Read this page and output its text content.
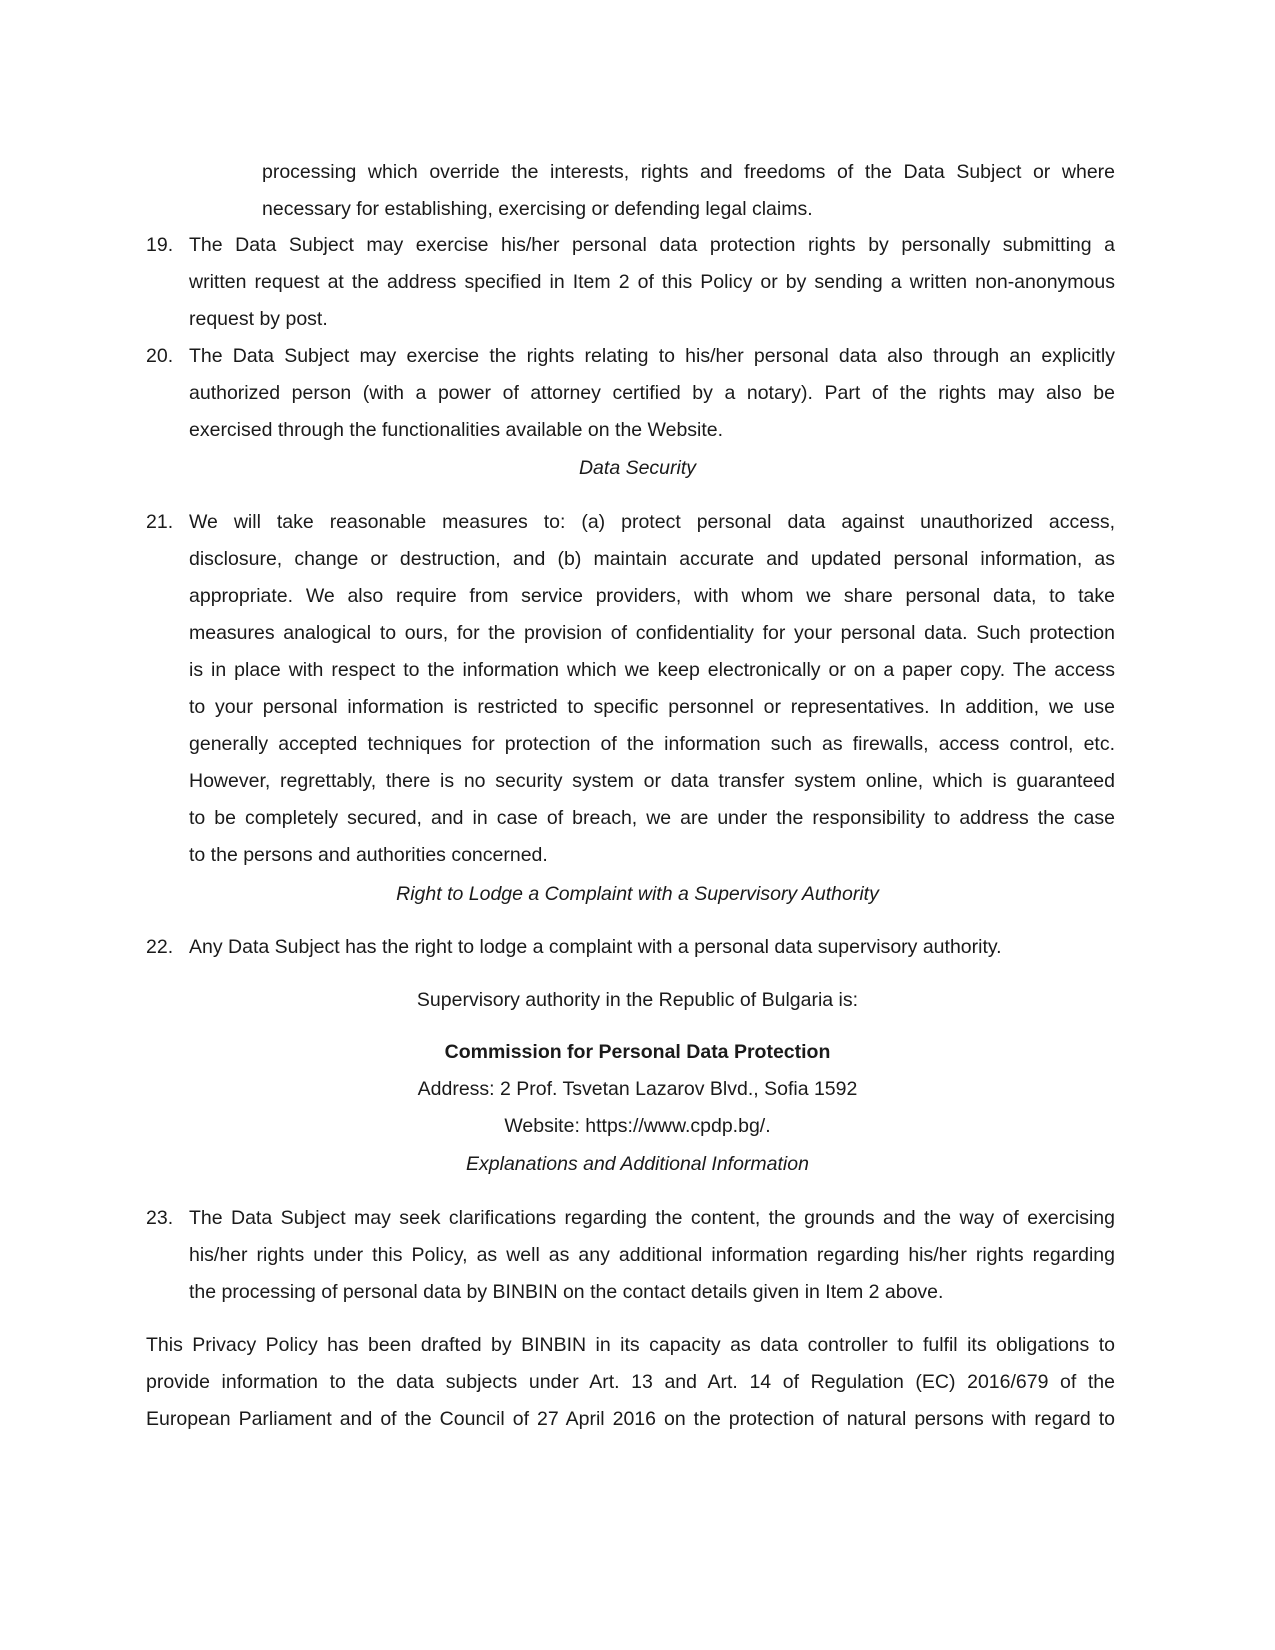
processing which override the interests, rights and freedoms of the Data Subject or where
necessary for establishing, exercising or defending legal claims.
19. The Data Subject may exercise his/her personal data protection rights by personally submitting a
written request at the address specified in Item 2 of this Policy or by sending a written non-anonymous
request by post.
20. The Data Subject may exercise the rights relating to his/her personal data also through an explicitly
authorized person (with a power of attorney certified by a notary). Part of the rights may also be
exercised through the functionalities available on the Website.
Data Security
21. We will take reasonable measures to: (a) protect personal data against unauthorized access,
disclosure, change or destruction, and (b) maintain accurate and updated personal information, as
appropriate. We also require from service providers, with whom we share personal data, to take
measures analogical to ours, for the provision of confidentiality for your personal data. Such protection
is in place with respect to the information which we keep electronically or on a paper copy. The access
to your personal information is restricted to specific personnel or representatives. In addition, we use
generally accepted techniques for protection of the information such as firewalls, access control, etc.
However, regrettably, there is no security system or data transfer system online, which is guaranteed
to be completely secured, and in case of breach, we are under the responsibility to address the case
to the persons and authorities concerned.
Right to Lodge a Complaint with a Supervisory Authority
22. Any Data Subject has the right to lodge a complaint with a personal data supervisory authority.
Supervisory authority in the Republic of Bulgaria is:
Commission for Personal Data Protection
Address: 2 Prof. Tsvetan Lazarov Blvd., Sofia 1592
Website: https://www.cpdp.bg/.
Explanations and Additional Information
23. The Data Subject may seek clarifications regarding the content, the grounds and the way of exercising
his/her rights under this Policy, as well as any additional information regarding his/her rights regarding
the processing of personal data by BINBIN on the contact details given in Item 2 above.
This Privacy Policy has been drafted by BINBIN in its capacity as data controller to fulfil its obligations to
provide information to the data subjects under Art. 13 and Art. 14 of Regulation (EC) 2016/679 of the
European Parliament and of the Council of 27 April 2016 on the protection of natural persons with regard to
